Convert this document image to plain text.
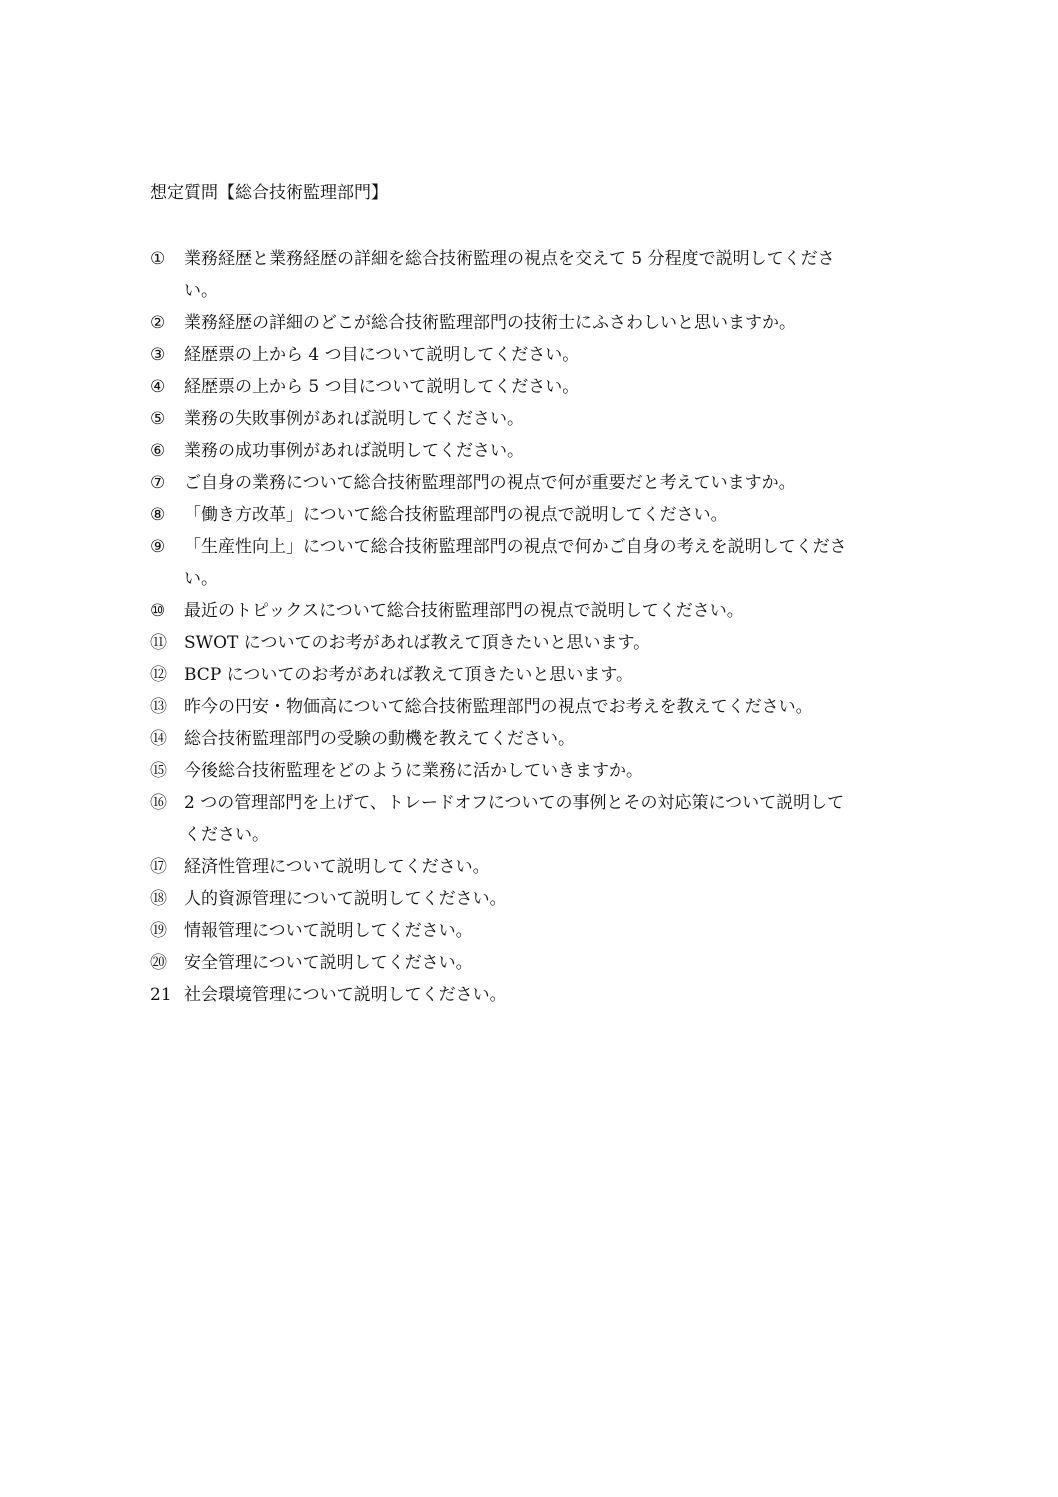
想定質問【総合技術監理部門】
①	業務経歴と業務経歴の詳細を総合技術監理の視点を交えて 5 分程度で説明してくださ
い。
②	業務経歴の詳細のどこが総合技術監理部門の技術士にふさわしいと思いますか。
③	経歴票の上から 4 つ目について説明してください。
④	経歴票の上から 5 つ目について説明してください。
⑤	業務の失敗事例があれば説明してください。
⑥	業務の成功事例があれば説明してください。
⑦	ご自身の業務について総合技術監理部門の視点で何が重要だと考えていますか。
⑧	「働き方改革」について総合技術監理部門の視点で説明してください。
⑨	「生産性向上」について総合技術監理部門の視点で何かご自身の考えを説明してくださ
い。
⑩	最近のトピックスについて総合技術監理部門の視点で説明してください。
⑪	SWOT についてのお考があれば教えて頂きたいと思います。
⑫	BCP についてのお考があれば教えて頂きたいと思います。
⑬	昨今の円安・物価高について総合技術監理部門の視点でお考えを教えてください。
⑭	総合技術監理部門の受験の動機を教えてください。
⑮	今後総合技術監理をどのように業務に活かしていきますか。
⑯	2 つの管理部門を上げて、トレードオフについての事例とその対応策について説明して
ください。
⑰	経済性管理について説明してください。
⑱	人的資源管理について説明してください。
⑲	情報管理について説明してください。
⑳	安全管理について説明してください。
21 社会環境管理について説明してください。
